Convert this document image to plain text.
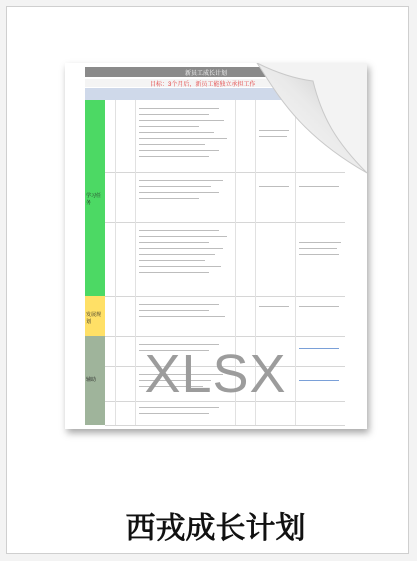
新员工成长计划
目标：3个月后，新员工能独立承担工作
学习任务
发展规划
辅助 XLSX
西戎成长计划
